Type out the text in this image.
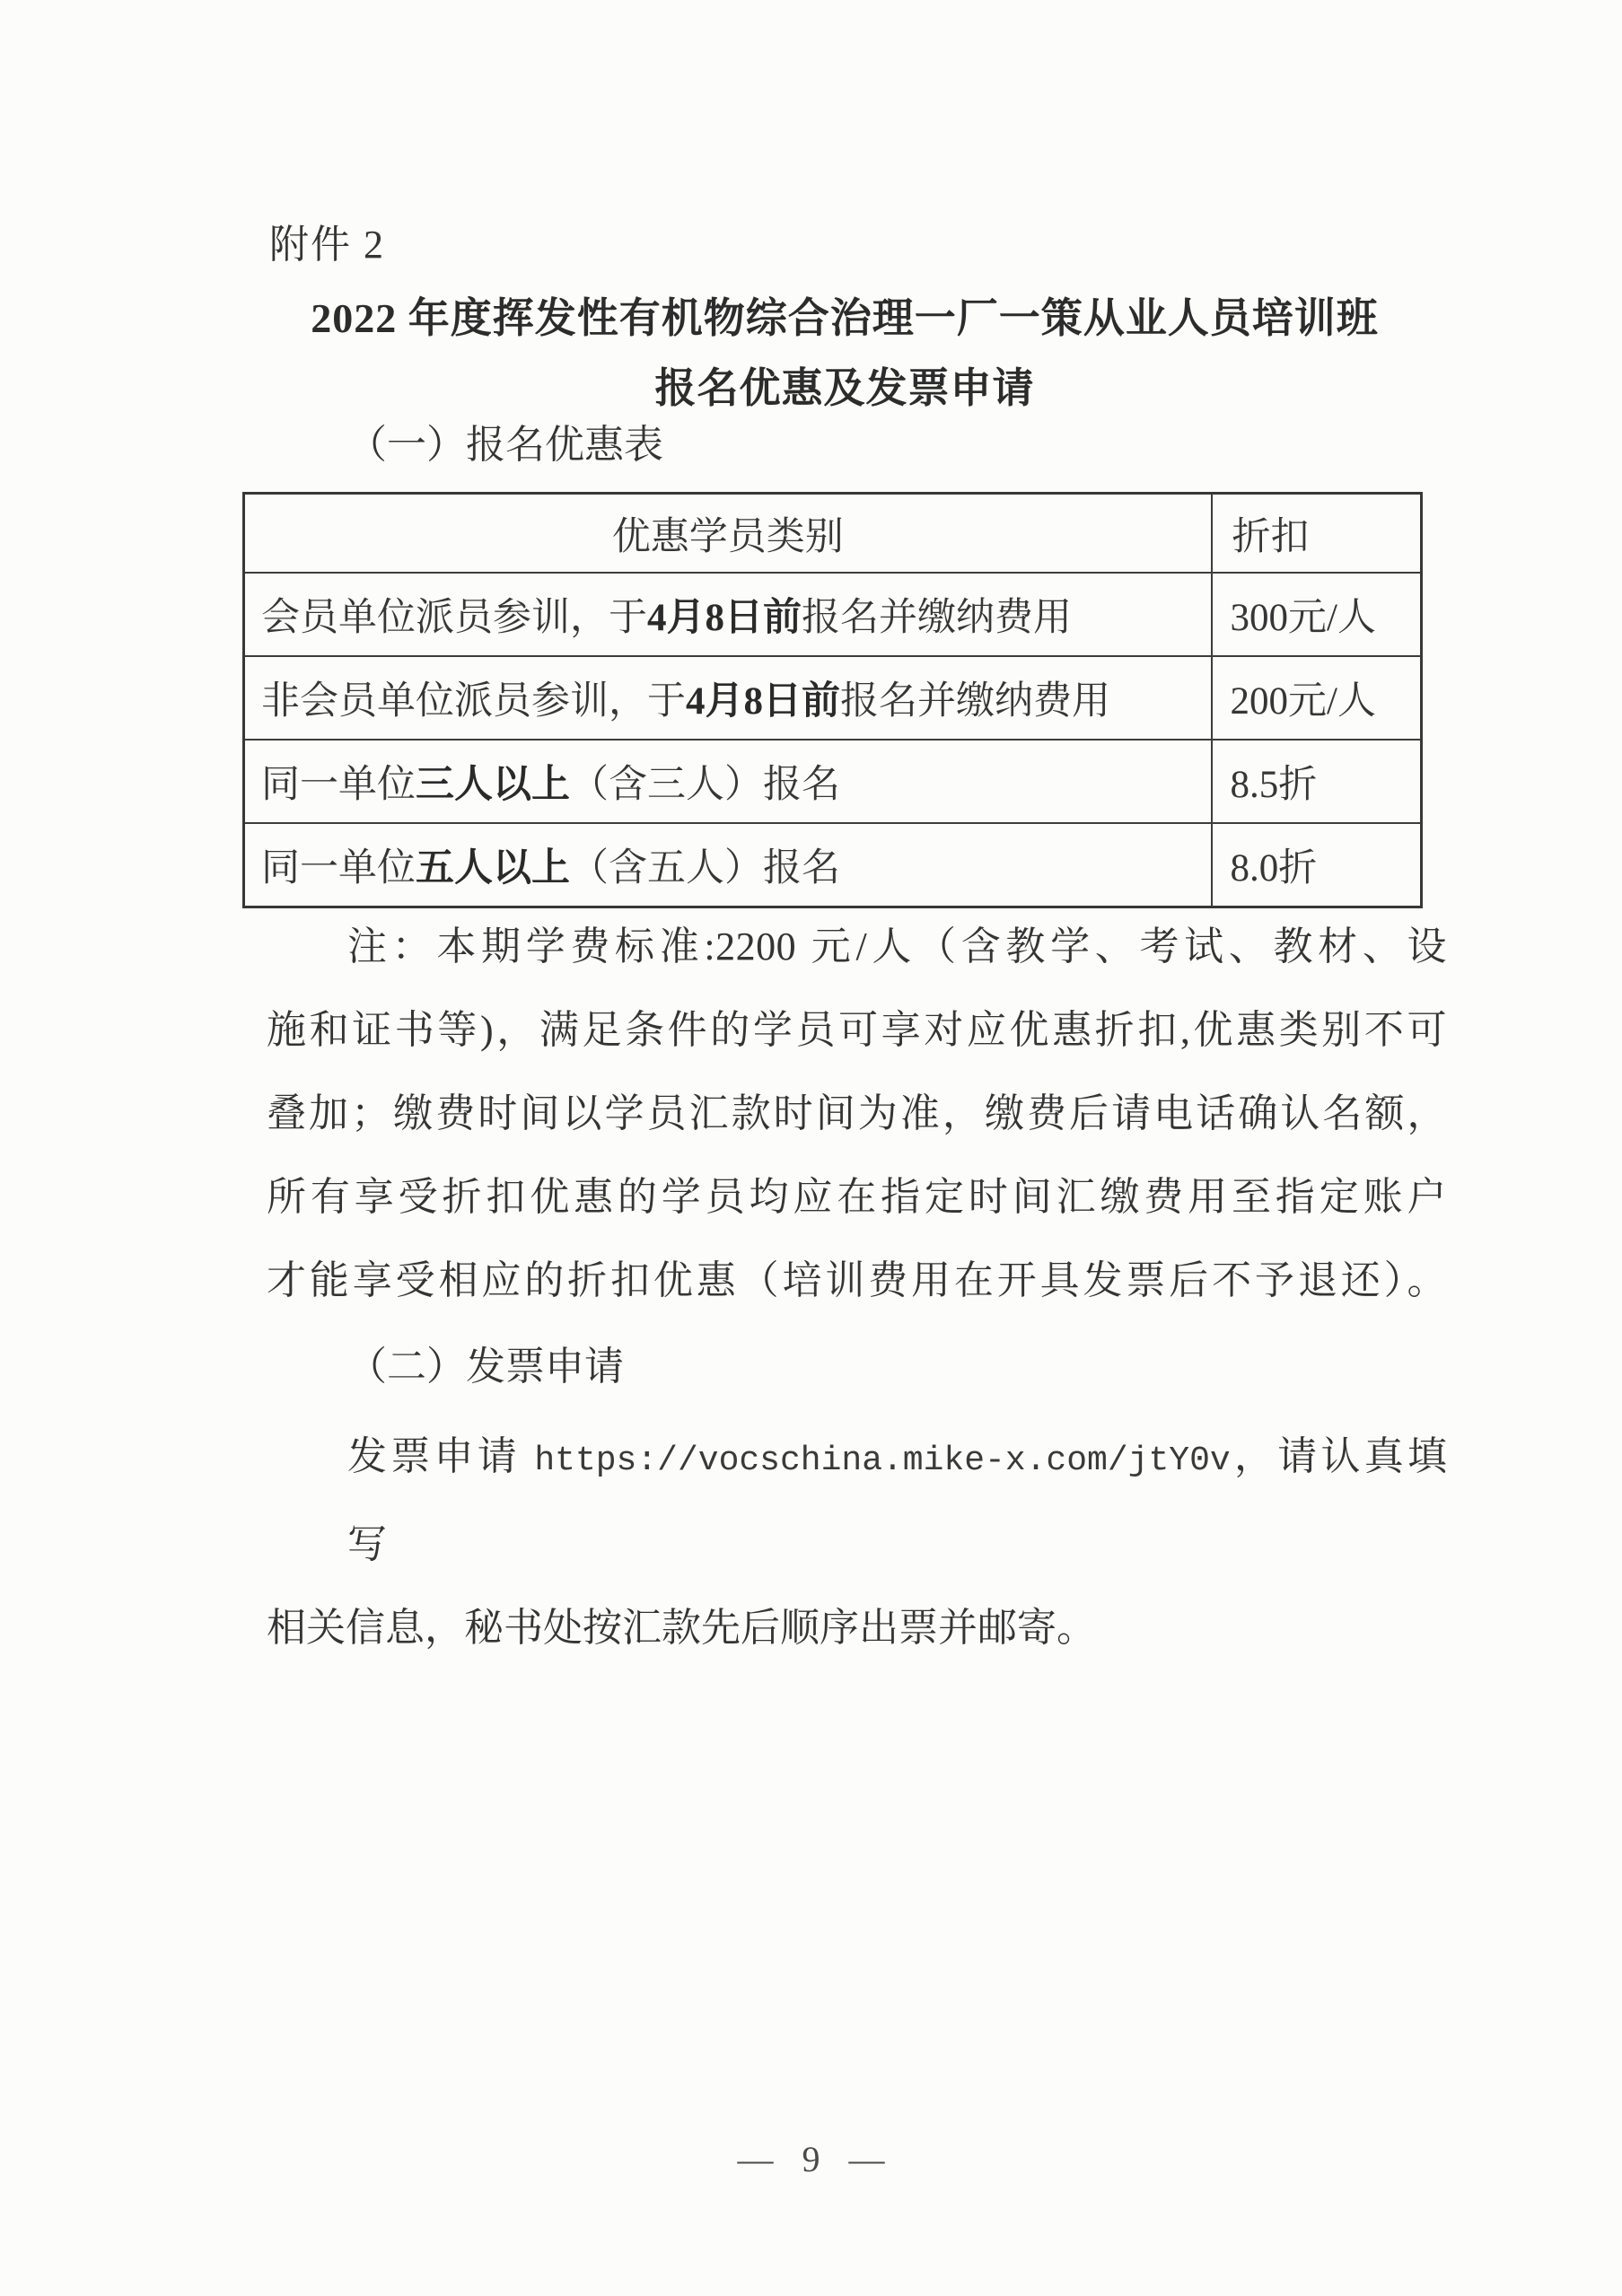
附件 2
2022 年度挥发性有机物综合治理一厂一策从业人员培训班
报名优惠及发票申请
（一）报名优惠表
优惠学员类别	折扣
会员单位派员参训，于4月8日前报名并缴纳费用	300元/人
非会员单位派员参训，于4月8日前报名并缴纳费用	200元/人
同一单位三人以上（含三人）报名	8.5折
同一单位五人以上（含五人）报名	8.0折
注：本期学费标准:2200 元/人（含教学、考试、教材、设
施和证书等)，满足条件的学员可享对应优惠折扣,优惠类别不可
叠加；缴费时间以学员汇款时间为准，缴费后请电话确认名额，
所有享受折扣优惠的学员均应在指定时间汇缴费用至指定账户
才能享受相应的折扣优惠（培训费用在开具发票后不予退还）。
（二）发票申请
发票申请 https://vocschina.mike-x.com/jtY0v，请认真填写
相关信息，秘书处按汇款先后顺序出票并邮寄。
— 9 —
